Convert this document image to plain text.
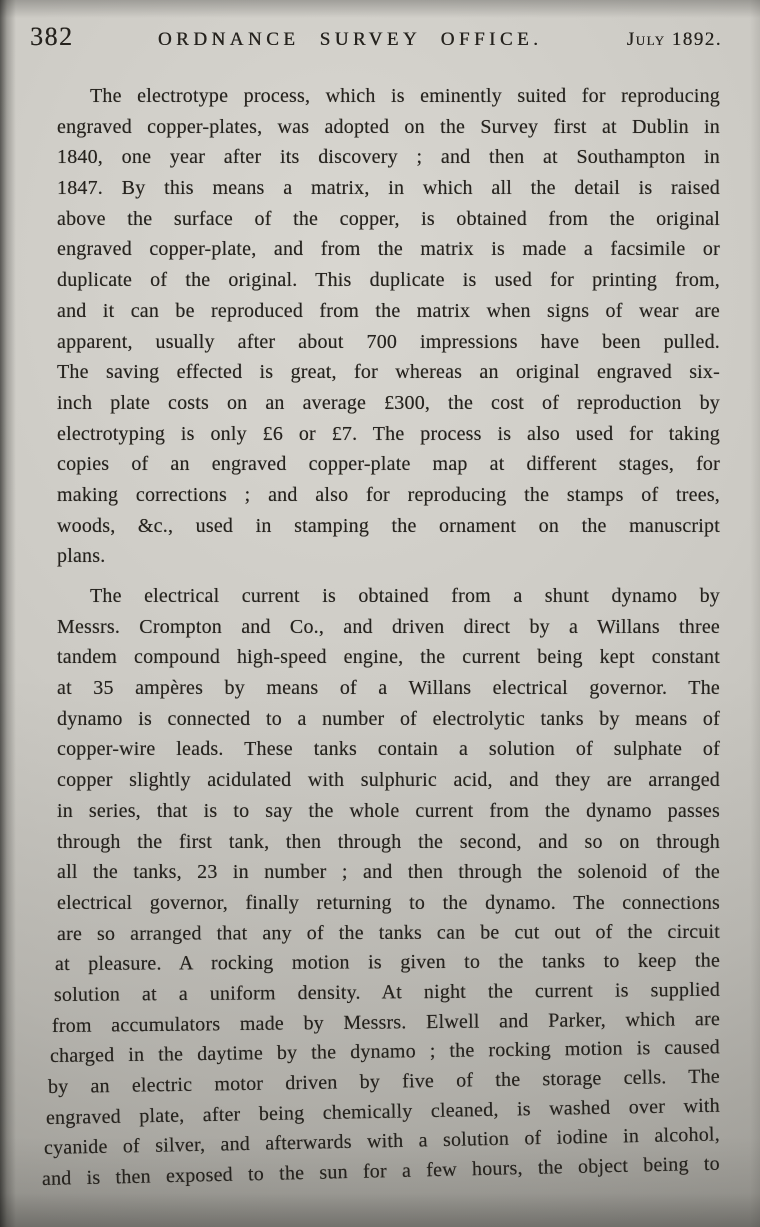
382	ORDNANCE SURVEY OFFICE.	July 1892.
The electrotype process, which is eminently suited for reproducing
engraved copper-plates, was adopted on the Survey first at Dublin in
1840, one year after its discovery ; and then at Southampton in
1847. By this means a matrix, in which all the detail is raised
above the surface of the copper, is obtained from the original
engraved copper-plate, and from the matrix is made a facsimile or
duplicate of the original. This duplicate is used for printing from,
and it can be reproduced from the matrix when signs of wear are
apparent, usually after about 700 impressions have been pulled.
The saving effected is great, for whereas an original engraved six-
inch plate costs on an average £300, the cost of reproduction by
electrotyping is only £6 or £7. The process is also used for taking
copies of an engraved copper-plate map at different stages, for
making corrections ; and also for reproducing the stamps of trees,
woods, &c., used in stamping the ornament on the manuscript
plans.
The electrical current is obtained from a shunt dynamo by
Messrs. Crompton and Co., and driven direct by a Willans three
tandem compound high-speed engine, the current being kept constant
at 35 ampères by means of a Willans electrical governor. The
dynamo is connected to a number of electrolytic tanks by means of
copper-wire leads. These tanks contain a solution of sulphate of
copper slightly acidulated with sulphuric acid, and they are arranged
in series, that is to say the whole current from the dynamo passes
through the first tank, then through the second, and so on through
all the tanks, 23 in number ; and then through the solenoid of the
electrical governor, finally returning to the dynamo. The connections
are so arranged that any of the tanks can be cut out of the circuit
at pleasure. A rocking motion is given to the tanks to keep the
solution at a uniform density. At night the current is supplied
from accumulators made by Messrs. Elwell and Parker, which are
charged in the daytime by the dynamo ; the rocking motion is caused
by an electric motor driven by five of the storage cells. The
engraved plate, after being chemically cleaned, is washed over with
cyanide of silver, and afterwards with a solution of iodine in alcohol,
and is then exposed to the sun for a few hours, the object being to
